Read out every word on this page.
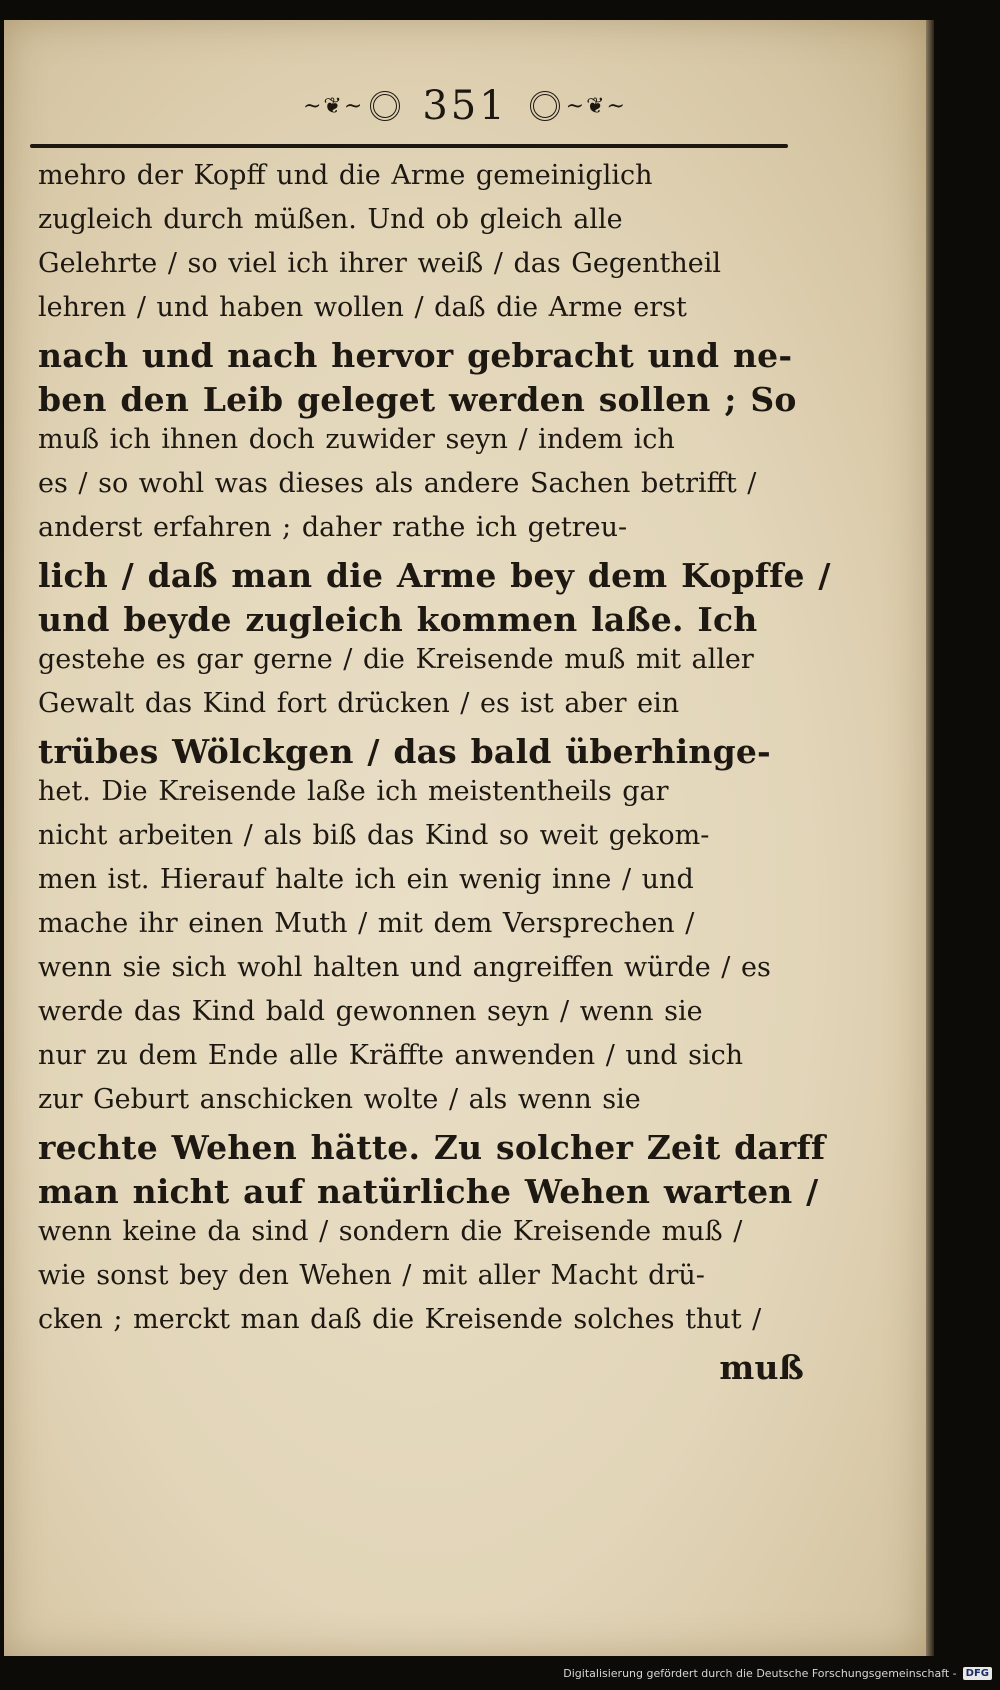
~❦~ 351	~❦~
mehro der Kopff und die Arme gemeiniglich
zugleich durch müßen. Und ob gleich alle
Gelehrte / so viel ich ihrer weiß / das Gegentheil
lehren / und haben wollen / daß die Arme erst
nach und nach hervor gebracht und ne-
ben den Leib geleget werden sollen ; So
muß ich ihnen doch zuwider seyn / indem ich
es / so wohl was dieses als andere Sachen betrifft /
anderst erfahren ; daher rathe ich getreu-
lich / daß man die Arme bey dem Kopffe /
und beyde zugleich kommen laße. Ich
gestehe es gar gerne / die Kreisende muß mit aller
Gewalt das Kind fort drücken / es ist aber ein
trübes Wölckgen / das bald überhinge-
het. Die Kreisende laße ich meistentheils gar
nicht arbeiten / als biß das Kind so weit gekom-
men ist. Hierauf halte ich ein wenig inne / und
mache ihr einen Muth / mit dem Versprechen /
wenn sie sich wohl halten und angreiffen würde / es
werde das Kind bald gewonnen seyn / wenn sie
nur zu dem Ende alle Kräffte anwenden / und sich
zur Geburt anschicken wolte / als wenn sie
rechte Wehen hätte. Zu solcher Zeit darff
man nicht auf natürliche Wehen warten /
wenn keine da sind / sondern die Kreisende muß /
wie sonst bey den Wehen / mit aller Macht drü-
cken ; merckt man daß die Kreisende solches thut /
muß
Digitalisierung gefördert durch die Deutsche Forschungsgemeinschaft - DFG
